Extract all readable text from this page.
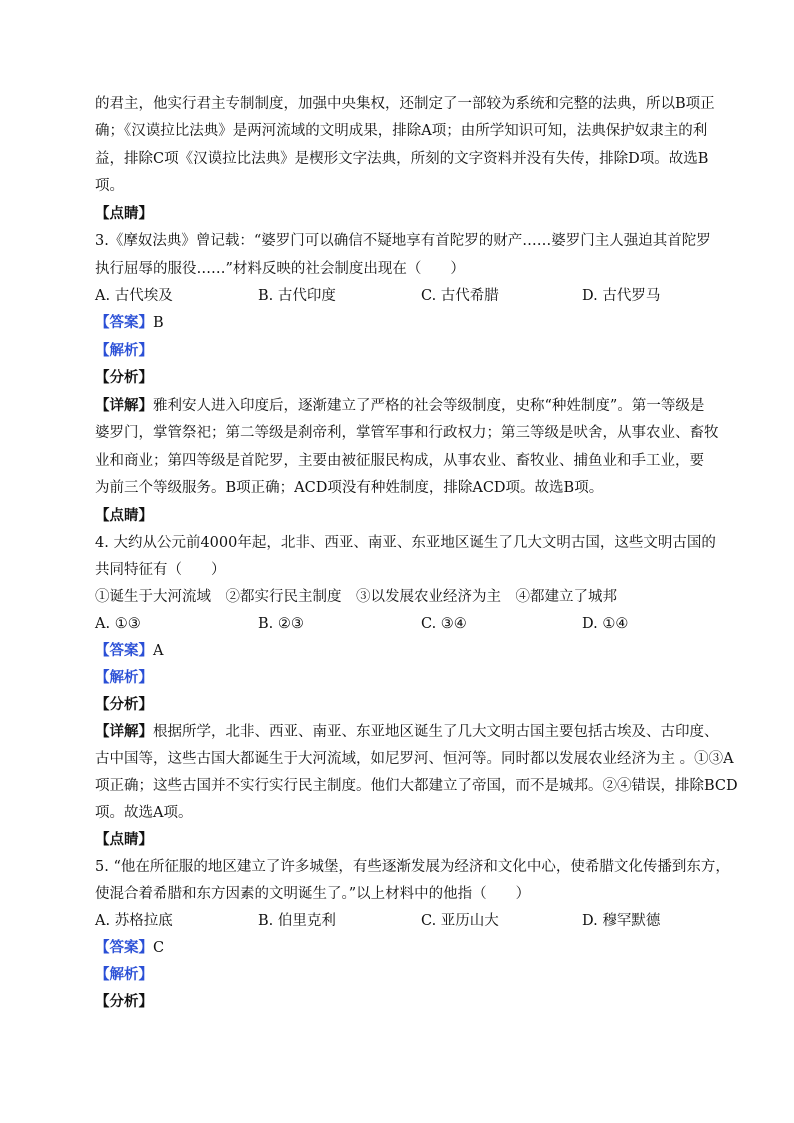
的君主，他实行君主专制制度，加强中央集权，还制定了一部较为系统和完整的法典，所以B项正
确；《汉谟拉比法典》是两河流域的文明成果，排除A项；由所学知识可知，法典保护奴隶主的利
益，排除C项《汉谟拉比法典》是楔形文字法典，所刻的文字资料并没有失传，排除D项。故选B
项。
【点睛】
3.《摩奴法典》曾记载：“婆罗门可以确信不疑地享有首陀罗的财产……婆罗门主人强迫其首陀罗
执行屈辱的服役……”材料反映的社会制度出现在（　　）
A. 古代埃及	B. 古代印度	C. 古代希腊	D. 古代罗马
【答案】B
【解析】
【分析】
【详解】雅利安人进入印度后，逐渐建立了严格的社会等级制度，史称“种姓制度”。第一等级是
婆罗门，掌管祭祀；第二等级是刹帝利，掌管军事和行政权力；第三等级是吠舍，从事农业、畜牧
业和商业；第四等级是首陀罗，主要由被征服民构成，从事农业、畜牧业、捕鱼业和手工业，要
为前三个等级服务。B项正确；ACD项没有种姓制度，排除ACD项。故选B项。
【点睛】
4. 大约从公元前4000年起，北非、西亚、南亚、东亚地区诞生了几大文明古国，这些文明古国的
共同特征有（　　）
①诞生于大河流域　②都实行民主制度　③以发展农业经济为主　④都建立了城邦
A. ①③	B. ②③	C. ③④	D. ①④
【答案】A
【解析】
【分析】
【详解】根据所学，北非、西亚、南亚、东亚地区诞生了几大文明古国主要包括古埃及、古印度、
古中国等，这些古国大都诞生于大河流域，如尼罗河、恒河等。同时都以发展农业经济为主 。①③A
项正确；这些古国并不实行实行民主制度。他们大都建立了帝国，而不是城邦。②④错误，排除BCD
项。故选A项。
【点睛】
5. “他在所征服的地区建立了许多城堡，有些逐渐发展为经济和文化中心，使希腊文化传播到东方，
使混合着希腊和东方因素的文明诞生了。”以上材料中的他指（　　）
A. 苏格拉底	B. 伯里克利	C. 亚历山大	D. 穆罕默德
【答案】C
【解析】
【分析】
